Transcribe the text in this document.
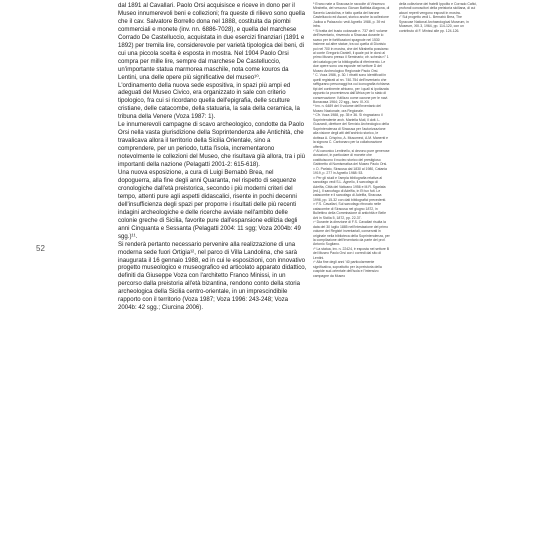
52

dal 1891 al Cavallari. Paolo Orsi acquisisce e riceve in dono per il Museo innumerevoli beni e collezioni; fra queste di rilievo sono quella che il cav. Salvatore Borrello dona nel 1888, costituita da piombi commerciali e monete (inv. nn. 6886-7028), e quella del marchese Corrado De Castelluccio, acquistata in due esercizi finanziari (1891 e 1892) per tremila lire, considerevole per varietà tipologica dei beni, di cui una piccola scelta è esposta in mostra. Nel 1904 Paolo Orsi compra per mille lire, sempre dal marchese De Castelluccio, un'importante statua marmorea maschile, nota come kouros da Lentini, una delle opere più significative del museo¹⁰.

L'ordinamento della nuova sede espositiva, in spazi più ampi ed adeguati del Museo Civico, era organizzato in sale con criterio tipologico, fra cui si ricordano quella dell'epigrafia, delle sculture cristiane, delle catacombe, della statuaria, la sala della ceramica, la tribuna della Venere (Voza 1987: 1).

Le innumerevoli campagne di scavo archeologico, condotte da Paolo Orsi nella vasta giurisdizione della Soprintendenza alle Antichità, che travalicava allora il territorio della Sicilia Orientale, sino a comprendere, per un periodo, tutta l'isola, incrementarono notevolmente le collezioni del Museo, che risultava già allora, tra i più importanti della nazione (Pelagatti 2001-2: 615-618).

Una nuova esposizione, a cura di Luigi Bernabò Brea, nel dopoguerra, alla fine degli anni Quaranta, nel rispetto di sequenze cronologiche dall'età preistorica, secondo i più moderni criteri del tempo, attenti pure agli aspetti didascalici, risente in pochi decenni dell'insufficienza degli spazi per proporre i risultati delle più recenti indagini archeologiche e delle ricerche avviate nell'ambito delle colonie greche di Sicilia, favorite pure dall'espansione edilizia degli anni Cinquanta e Sessanta (Pelagatti 2004: 11 sgg; Voza 2004b: 49 sgg.)¹¹.

Si renderà pertanto necessario pervenire alla realizzazione di una moderna sede fuori Ortigia¹², nel parco di Villa Landolina, che sarà inaugurata il 16 gennaio 1988, ed in cui le esposizioni, con innovativo progetto museologico e museografico ed articolato apparato didattico, definiti da Giuseppe Voza con l'architetto Franco Minissi, in un percorso dalla preistoria all'età bizantina, rendono conto della storia archeologica della Sicilia centro-orientale, in un imprescindibile rapporto con il territorio (Voza 1987; Voza 1996: 243-248; Voza 2004b: 42 sgg.; Ciurcina 2006).

⁵ Erano nate a Siracusa le raccolte di Vincenzo Mirabella, del vescovo Giovan Battista Alagona, di Saverio Landolina, e fatto quella del barone Castelluccio ed Ascari, storico anche la collezione Judica a Palazzolo: vedi Agnello 1988, p. 39 ed infra.

⁶ Si tratta del busto colossale n. 737 del I volume dell'inventario, rinvenuto a Siracusa durante lo scavo per le fortificazioni spagnole nel 1530 insieme ad altre statue, tra cui quella di Dionisio poi nel 700 in mostra, che del Mirabella possiamo al conte Gregorio Daniell, il quale poi le donò al primo Museo presso il Seminario; cfr. scheda n° 1 del catalogo per la bibliografia di riferimento. Le due opere sono ora esposte nel settore D del Museo Archeologico Regionale Paolo Orsi.

⁷ C. Voza 1986, p. 30. I ritratti sono identificati in quelli registrati ai nn. 740-754 dell'inventario che raffigurano personaggi tra cui iconografia richiama tipi del continente africano, per i quali si ipotizzata appunto la provenienza dall'Africa per lo stato di conservazione: l'utilizzo come cavone per le navi. Bonacasa 1964; 22 sgg., tavv. IX-XII.

⁸ Inv. n. 6489 del II volume dell'inventario del Museo Nazionale, ora Regionale.

⁹ Cfr. Voza 1988, pp. 35 e 36. Si ringraziano il Soprintendente arch. Mariella Muti, il dott. L. Guzzardi, direttore del Servizio Archeologico della Soprintendenza di Siracusa per l'autorizzazione alla visione degli atti dell'archivio storico, le dottssa A. Crispino, A. Musumeci, A.M. Manenti e la signora C. Carbonaro per la collaborazione offerta.

¹⁰ Al canonico Lentinello, si devono pure generose donazioni, in particolare di monete che costituiscono il nucleo storico del prestigioso Gabinetto di Numismatica del Museo Paolo Orsi.

¹¹ D. Parlato, Siracusa dal 1830 al 1980, Catania 1919, p. 277 in Agnello 1988: 53.

¹² Per gli studi e l'ampia bibliografia relativa al sarcofago vedi S.L. Agnello, Il sarcofago di Adelfia, Città del Vaticano 1956 e M.R. Sgarlata (ed.), Il sarcofago di Adelfia, in Et tux fuit. Le catacombe e il sarcofago di Adelfia, Siracusa 1998, pp. 15-32 con dati bibliografici precedenti.

¹³ F.S. Cavallari, Sul sarcofago ritrovato nelle catacombe di Siracusa nel giugno 1872, in Bullettino della Commissione di antichità e Belle Arti in Sicilia 5, 1872, pp. 22-37.

¹⁴ Durante la direzione di F.S. Cavallari risulta la data del 30 luglio 1885 nell'intestazione del primo volume dei Registri inventariali, conservati in originale nella biblioteca della Soprintendenza, per la compilazione dell'inventario da parte del prof. Antonio Sogliano.

¹⁵ La statua, inv. n. 22424, è esposta nel settore B del Museo Paolo Orsi con i corredi dal sito di Lentini.

¹⁶ Alla fine degli anni '40 particolarmente significativa, soprattutto per la preistoria della cuspide sud-orientale dell'isola e l'intensivo campagne da Museo

della collezione dei fratelli Ippolito e Corrado Cafici, profondi conoscitori della preistoria siciliana, di cui alcuni reperti vengono esposti in mostra.

¹⁷ Sul progetto vedi L. Bernabò Brea, The Syracuse National Archaeological Museum, in Museum, XIII.3, 1964, pp. 114-120, con un contributo di F. Minissi alle pp. 124-126.
